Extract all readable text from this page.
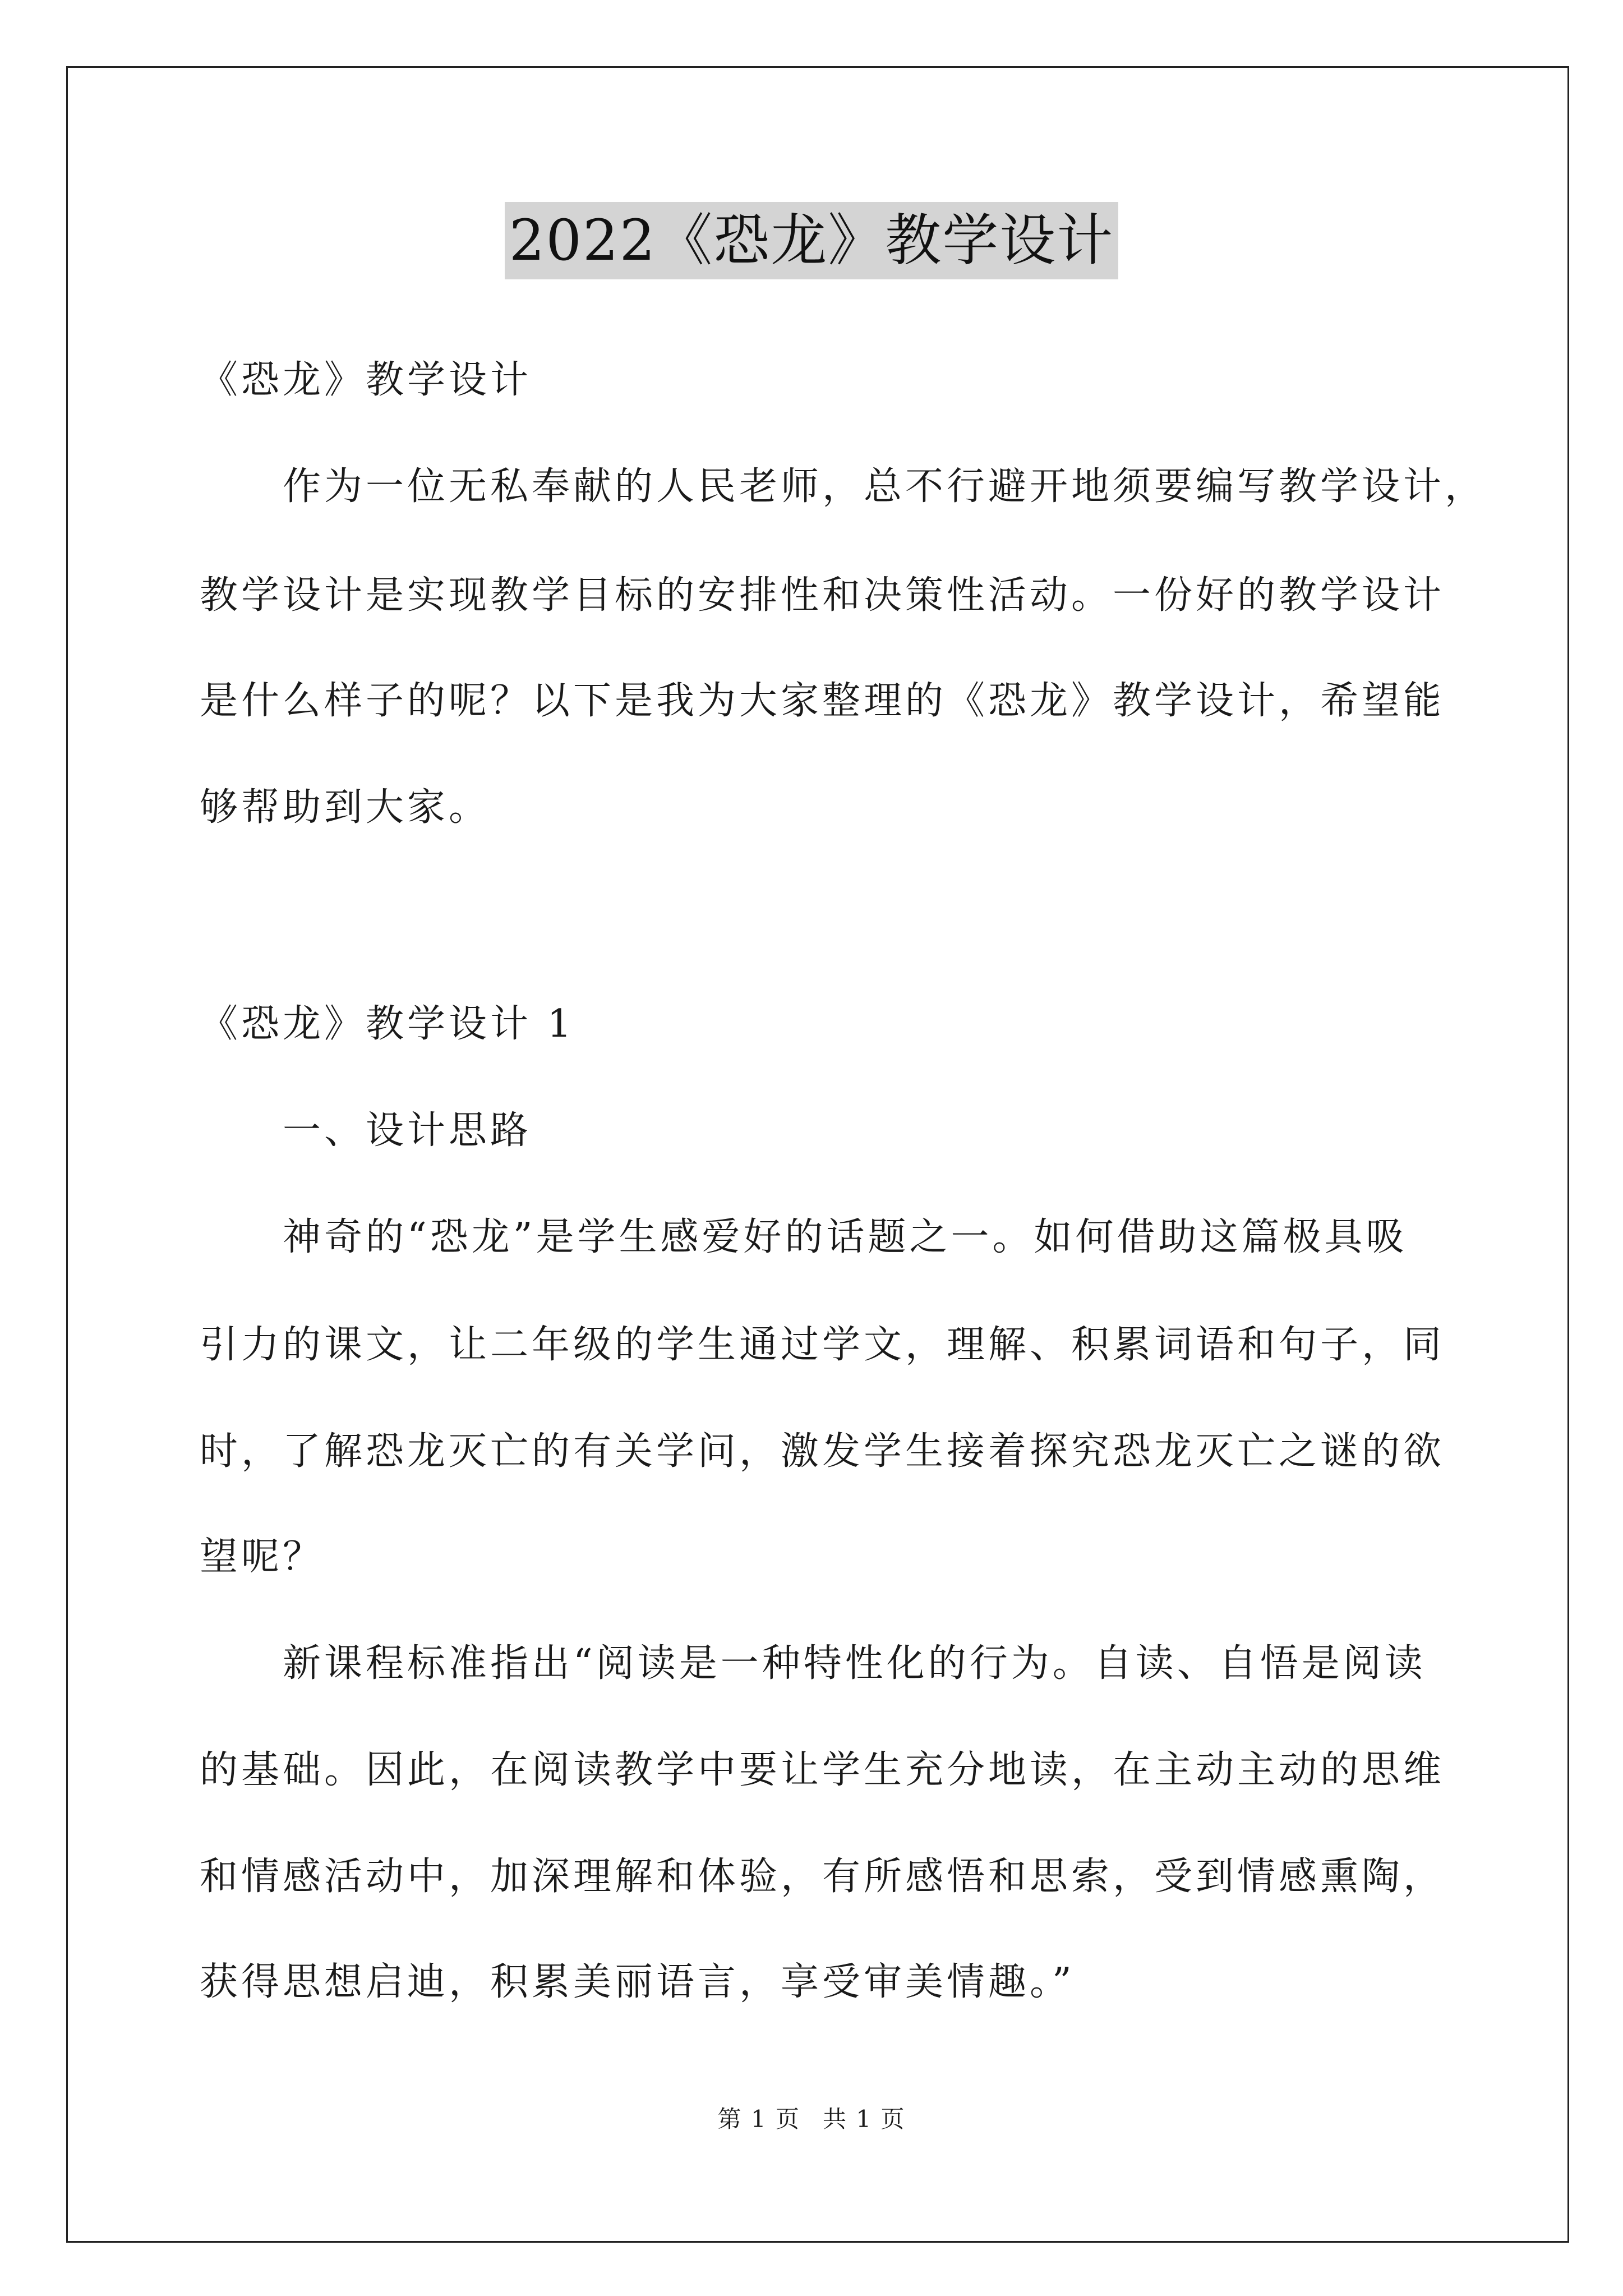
2022《恐龙》教学设计
《恐龙》教学设计
作为一位无私奉献的人民老师，总不行避开地须要编写教学设计，
教学设计是实现教学目标的安排性和决策性活动。一份好的教学设计
是什么样子的呢？以下是我为大家整理的《恐龙》教学设计，希望能
够帮助到大家。
《恐龙》教学设计 1
一、设计思路
神奇的“恐龙”是学生感爱好的话题之一。如何借助这篇极具吸
引力的课文，让二年级的学生通过学文，理解、积累词语和句子，同
时，了解恐龙灭亡的有关学问，激发学生接着探究恐龙灭亡之谜的欲
望呢？
新课程标准指出“阅读是一种特性化的行为。自读、自悟是阅读
的基础。因此，在阅读教学中要让学生充分地读，在主动主动的思维
和情感活动中，加深理解和体验，有所感悟和思索，受到情感熏陶，
获得思想启迪，积累美丽语言，享受审美情趣。”
第 1 页 共 1 页
